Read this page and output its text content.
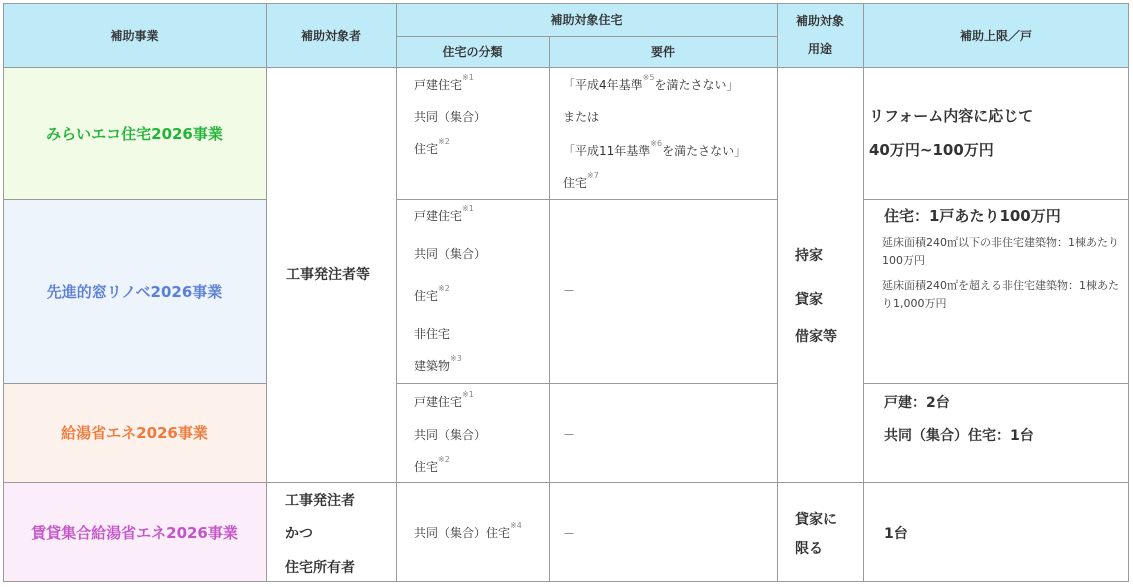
補助事業	補助対象者
補助対象住宅
住宅の分類	要件
補助対象
用途
補助上限／戸
みらいエコ住宅2026事業
先進的窓リノベ2026事業
給湯省エネ2026事業
賃貸集合給湯省エネ2026事業
工事発注者等
戸建住宅$^{※1}$
共同（集合）
住宅$^{※2}$
「平成4年基準$^{※5}$を満たさない」
または
「平成11年基準$^{※6}$を満たさない」
住宅$^{※7}$
リフォーム内容に応じて
40万円~100万円
戸建住宅$^{※1}$
共同（集合）
住宅$^{※2}$
非住宅
建築物$^{※3}$
－
住宅：1戸あたり100万円
延床面積240㎡以下の非住宅建築物：1棟あたり100万円
延床面積240㎡を超える非住宅建築物：1棟あたり1,000万円
持家
貸家
借家等
戸建住宅$^{※1}$
共同（集合）
住宅$^{※2}$
－
戸建：2台
共同（集合）住宅：1台
工事発注者
かつ
住宅所有者
共同（集合）住宅$^{※4}$
－
貸家に
限る
1台
